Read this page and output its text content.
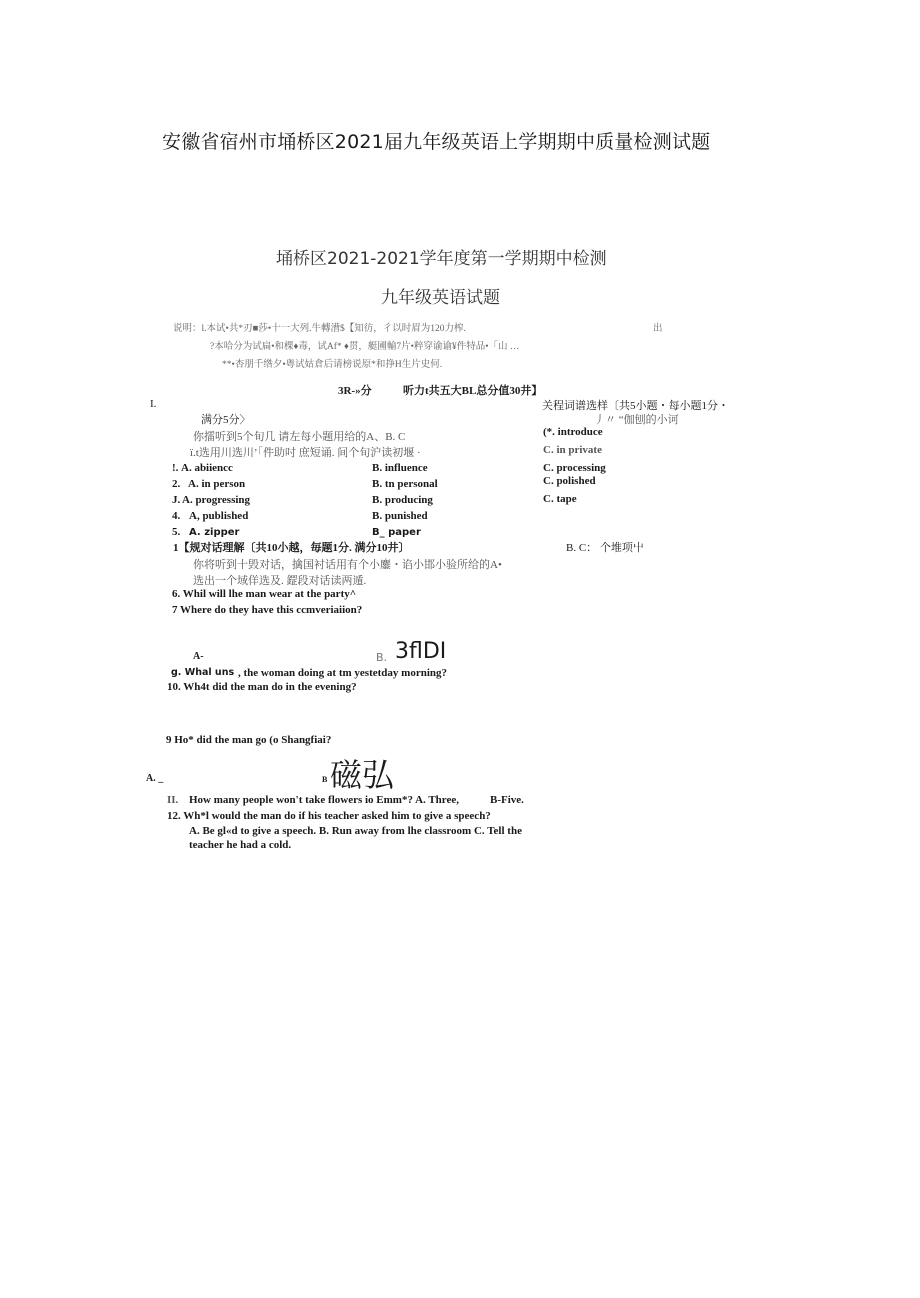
安徽省宿州市埇桥区2021届九年级英语上学期期中质量检测试题
埇桥区2021-2021学年度第一学期期中检测
九年级英语试题
说明：l.本试•共*刃■莎•十一大列.牛轉漕$【知彷，彳以时眉为120力榨.	出
?本哈分为试扁•和棵♦毒，试Af* ♦贯，艇圃輸7片•粹穿谕谕¥件特品•「山 …
**•杏朋千绺夕•粤试姑倉后请榜说原*和挣H生片史何.
3R-»分	听力t共五大BL总分值30井】
I.	关程词谱选样〔共5小题・每小题1分・
丿〃 “伽刨的小诃
满分5分〉
你擂听到5个旬几 请左每小题用给的A、B. C
ï.t选用川选川’「件助吋 庶短诵. 间个旬沪读初堰 ·
(*. introduce
C. in private
!. A. abiiencc	B. influence	C. processing
2. A. in person	B. tn personal	C. polished
J. A. progressing	B. producing	C. tape
4. A, published	B. punished
5. A. zipper	B_ paper
1【规对话理解〔共10小越，毎题1分. 满分10井〕	B. C： 个堆项屮
你将听到十毁对话，擒国衬话用有个小鏖・谄小邯小验所给的A•
选出一个域佯选及. 鎠段对话读两遁.
6. Whil will lhe man wear at the party^
7 Where do they have this ccmveriaiion?
A-	B. 3flDI
g. Whal uns , the woman doing at tm yestetday morning?
10. Wh4t did the man do in the evening?
9 Ho* did the man go (o Shangfiai?
A. _	B 磁弘
II. How many people won't take flowers io Emm*? A. Three,	B-Five.
12. Wh*l would the man do if his teacher asked him to give a speech?
A. Be gl«d to give a speech. B. Run away from lhe classroom C. Tell the
teacher he had a cold.
